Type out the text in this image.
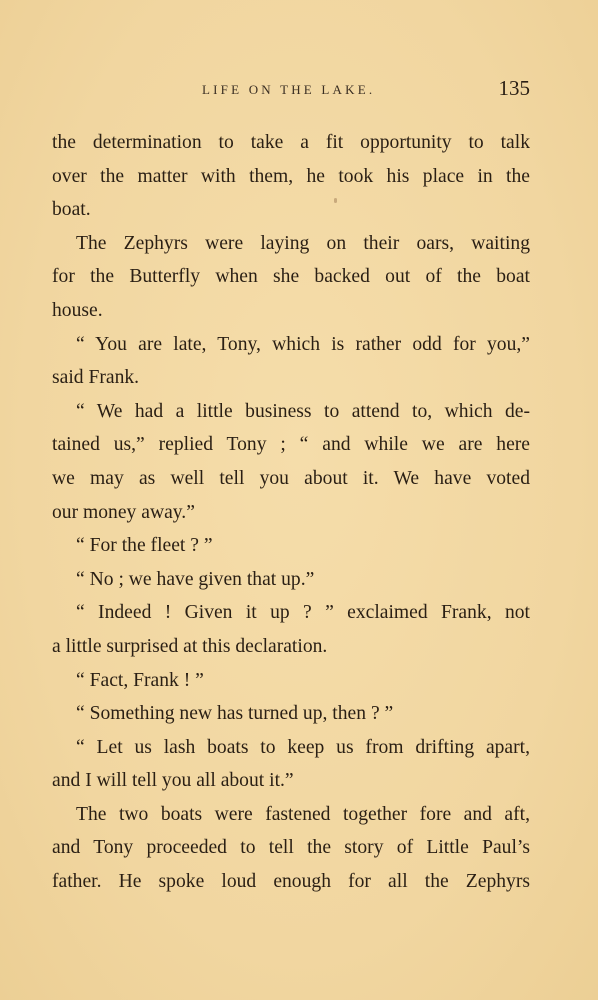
LIFE ON THE LAKE.	135
the determination to take a fit opportunity to talk
over the matter with them, he took his place in the
boat.
The Zephyrs were laying on their oars, waiting
for the Butterfly when she backed out of the boat
house.
“ You are late, Tony, which is rather odd for you,”
said Frank.
“ We had a little business to attend to, which de-
tained us,” replied Tony ; “ and while we are here
we may as well tell you about it. We have voted
our money away.”
“ For the fleet ? ”
“ No ; we have given that up.”
“ Indeed ! Given it up ? ” exclaimed Frank, not
a little surprised at this declaration.
“ Fact, Frank ! ”
“ Something new has turned up, then ? ”
“ Let us lash boats to keep us from drifting apart,
and I will tell you all about it.”
The two boats were fastened together fore and aft,
and Tony proceeded to tell the story of Little Paul’s
father. He spoke loud enough for all the Zephyrs
